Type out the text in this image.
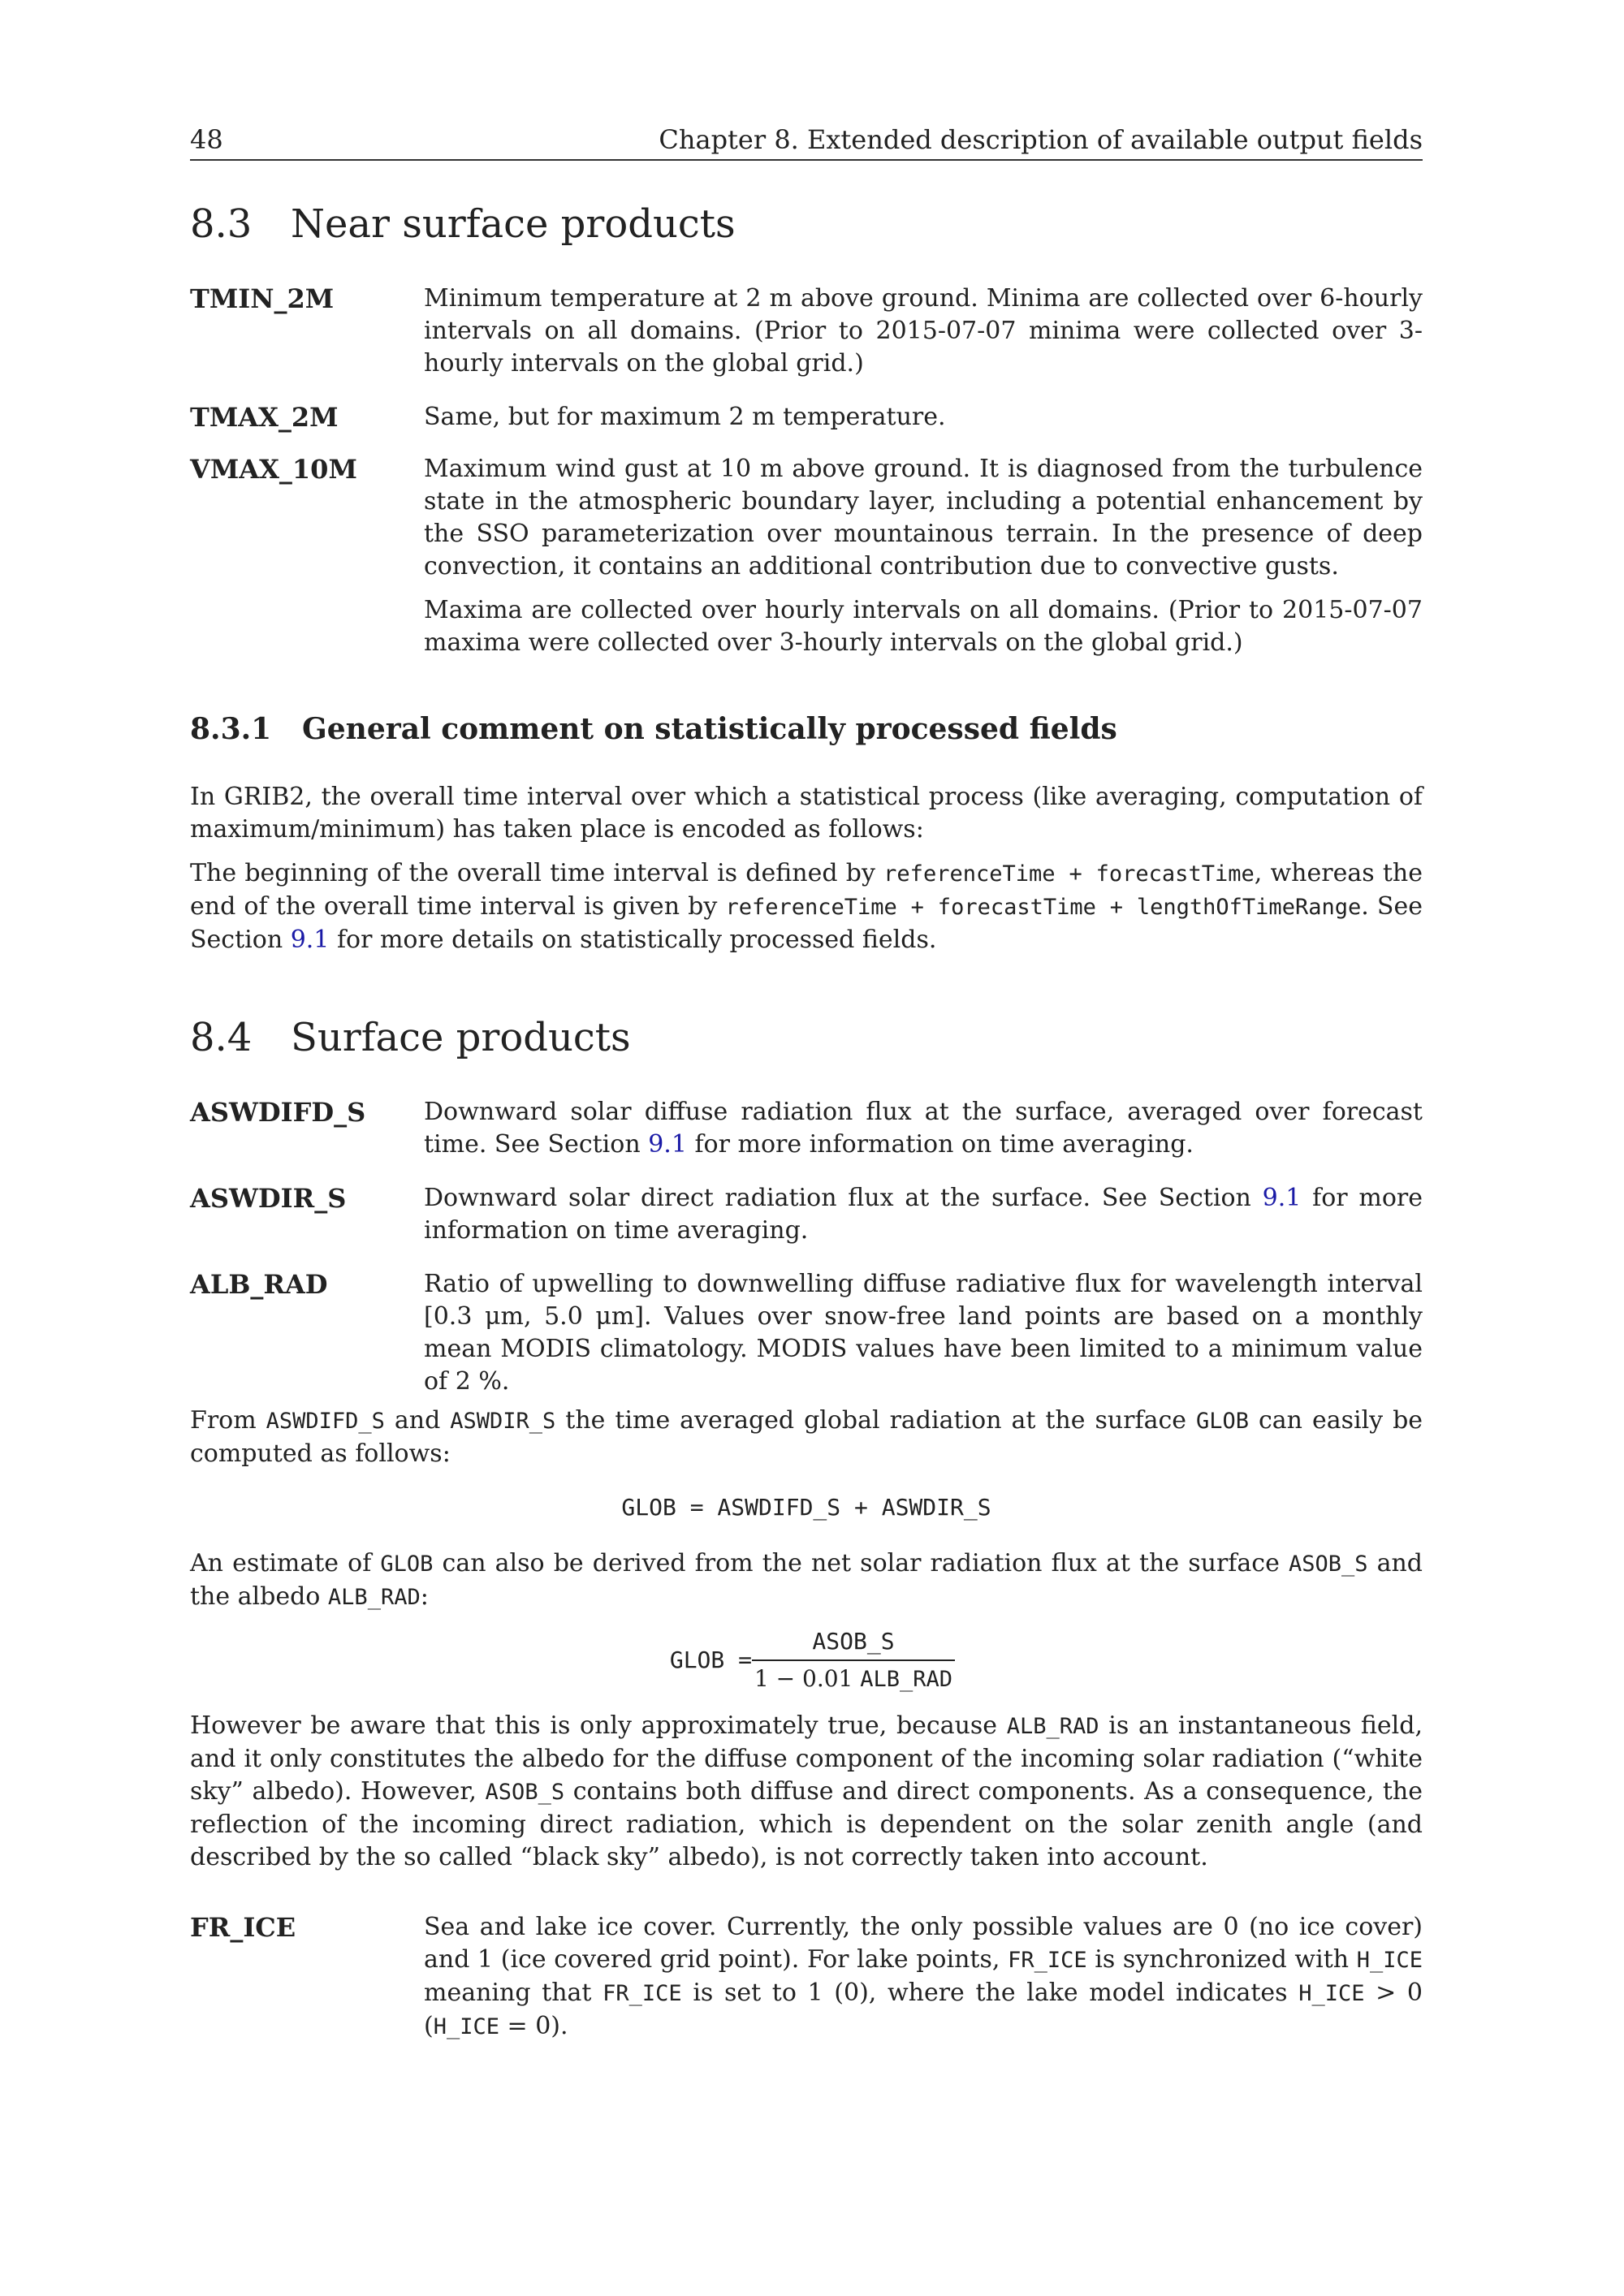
48	Chapter 8. Extended description of available output fields
8.3 Near surface products
TMIN_2M	Minimum temperature at 2 m above ground. Minima are collected over 6-hourly intervals on all domains. (Prior to 2015-07-07 minima were collected over 3-hourly intervals on the global grid.)
TMAX_2M	Same, but for maximum 2 m temperature.
VMAX_10M	Maximum wind gust at 10 m above ground. It is diagnosed from the turbulence state in the atmospheric boundary layer, including a potential enhancement by the SSO parameterization over mountainous terrain. In the presence of deep convection, it contains an additional contribution due to convective gusts.
Maxima are collected over hourly intervals on all domains. (Prior to 2015-07-07 maxima were collected over 3-hourly intervals on the global grid.)
8.3.1 General comment on statistically processed fields
In GRIB2, the overall time interval over which a statistical process (like averaging, computation of maximum/minimum) has taken place is encoded as follows:
The beginning of the overall time interval is defined by referenceTime + forecastTime, whereas the end of the overall time interval is given by referenceTime + forecastTime + lengthOfTimeRange. See Section 9.1 for more details on statistically processed fields.
8.4 Surface products
ASWDIFD_S Downward solar diffuse radiation flux at the surface, averaged over forecast time. See Section 9.1 for more information on time averaging.
ASWDIR_S	Downward solar direct radiation flux at the surface. See Section 9.1 for more information on time averaging.
ALB_RAD	Ratio of upwelling to downwelling diffuse radiative flux for wavelength interval [0.3 μm, 5.0 μm]. Values over snow-free land points are based on a monthly mean MODIS climatology. MODIS values have been limited to a minimum value of 2 %.
From ASWDIFD_S and ASWDIR_S the time averaged global radiation at the surface GLOB can easily be computed as follows:
GLOB = ASWDIFD_S + ASWDIR_S
An estimate of GLOB can also be derived from the net solar radiation flux at the surface ASOB_S and the albedo ALB_RAD:
GLOB =
ASOB_S
1 − 0.01 ALB_RAD
However be aware that this is only approximately true, because ALB_RAD is an instantaneous field, and it only constitutes the albedo for the diffuse component of the incoming solar radiation (“white sky” albedo). However, ASOB_S contains both diffuse and direct components. As a consequence, the reflection of the incoming direct radiation, which is dependent on the solar zenith angle (and described by the so called “black sky” albedo), is not correctly taken into account.
FR_ICE	Sea and lake ice cover. Currently, the only possible values are 0 (no ice cover) and 1 (ice covered grid point). For lake points, FR_ICE is synchronized with H_ICE meaning that FR_ICE is set to 1 (0), where the lake model indicates H_ICE > 0 (H_ICE = 0).
